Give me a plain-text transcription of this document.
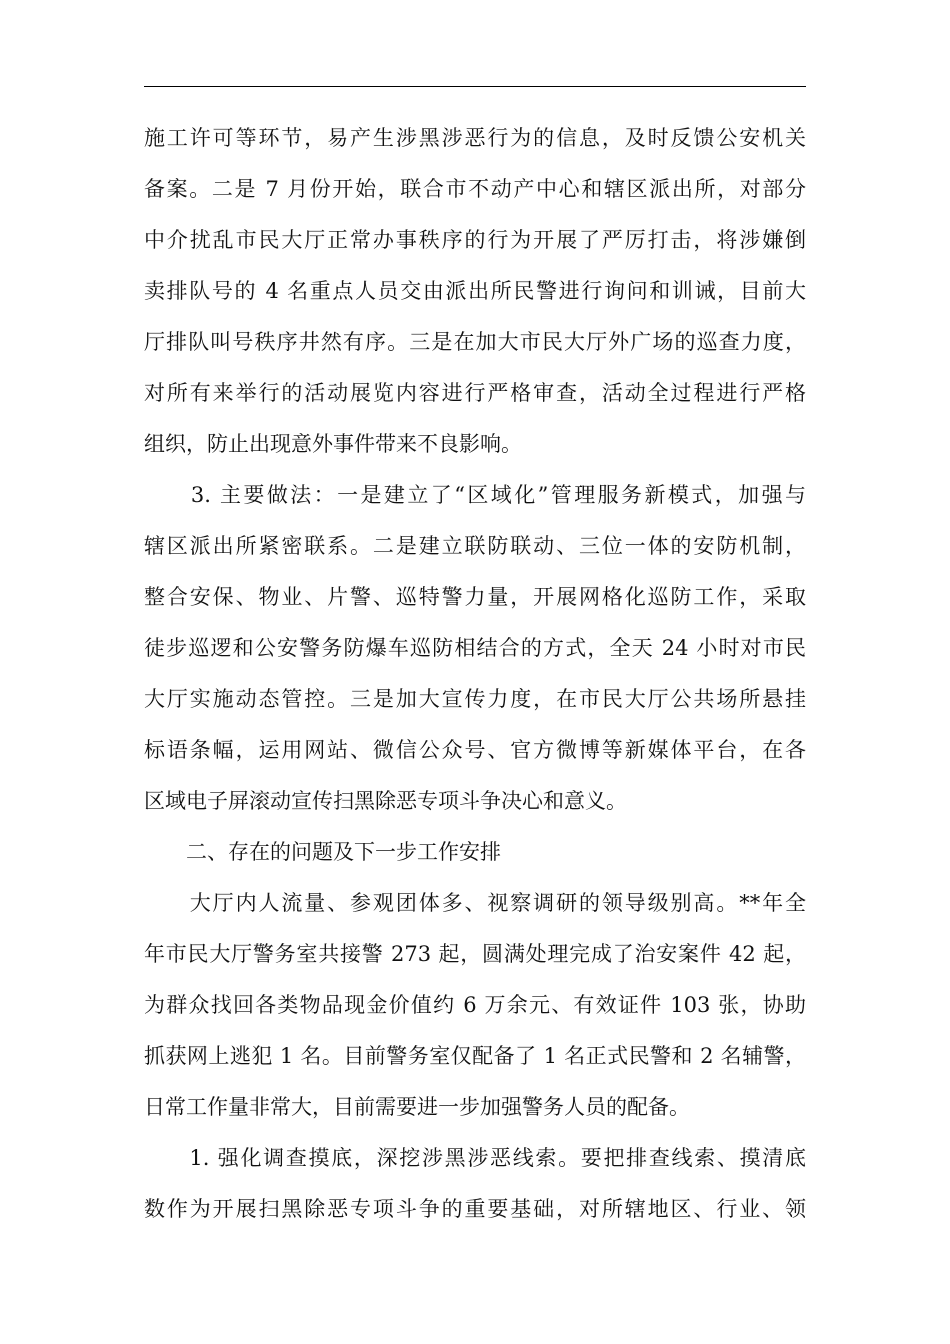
施工许可等环节，易产生涉黑涉恶行为的信息，及时反馈公安机关
备案。二是 7 月份开始，联合市不动产中心和辖区派出所，对部分
中介扰乱市民大厅正常办事秩序的行为开展了严厉打击，将涉嫌倒
卖排队号的 4 名重点人员交由派出所民警进行询问和训诫，目前大
厅排队叫号秩序井然有序。三是在加大市民大厅外广场的巡查力度，
对所有来举行的活动展览内容进行严格审查，活动全过程进行严格
组织，防止出现意外事件带来不良影响。
　　3. 主要做法：一是建立了“区域化”管理服务新模式，加强与
辖区派出所紧密联系。二是建立联防联动、三位一体的安防机制，
整合安保、物业、片警、巡特警力量，开展网格化巡防工作，采取
徒步巡逻和公安警务防爆车巡防相结合的方式，全天 24 小时对市民
大厅实施动态管控。三是加大宣传力度，在市民大厅公共场所悬挂
标语条幅，运用网站、微信公众号、官方微博等新媒体平台，在各
区域电子屏滚动宣传扫黑除恶专项斗争决心和意义。
　　二、存在的问题及下一步工作安排
　　大厅内人流量、参观团体多、视察调研的领导级别高。**年全
年市民大厅警务室共接警 273 起，圆满处理完成了治安案件 42 起，
为群众找回各类物品现金价值约 6 万余元、有效证件 103 张，协助
抓获网上逃犯 1 名。目前警务室仅配备了 1 名正式民警和 2 名辅警，
日常工作量非常大，目前需要进一步加强警务人员的配备。
　　1. 强化调查摸底，深挖涉黑涉恶线索。要把排查线索、摸清底
数作为开展扫黑除恶专项斗争的重要基础，对所辖地区、行业、领
